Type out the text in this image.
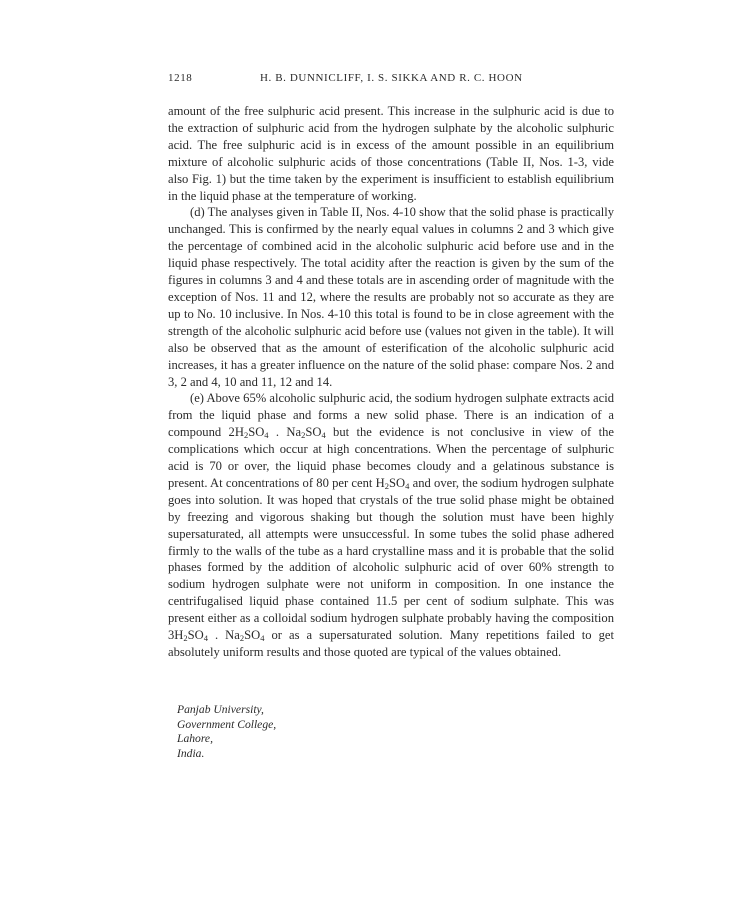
1218	H. B. DUNNICLIFF, I. S. SIKKA AND R. C. HOON

amount of the free sulphuric acid present. This increase in the sulphuric acid is due to the extraction of sulphuric acid from the hydrogen sulphate by the alcoholic sulphuric acid. The free sulphuric acid is in excess of the amount possible in an equilibrium mixture of alcoholic sulphuric acids of those concentrations (Table II, Nos. 1-3, vide also Fig. 1) but the time taken by the experiment is insufficient to establish equilibrium in the liquid phase at the temperature of working.

(d) The analyses given in Table II, Nos. 4-10 show that the solid phase is practically unchanged. This is confirmed by the nearly equal values in columns 2 and 3 which give the percentage of combined acid in the alcoholic sulphuric acid before use and in the liquid phase respectively. The total acidity after the reaction is given by the sum of the figures in columns 3 and 4 and these totals are in ascending order of magnitude with the exception of Nos. 11 and 12, where the results are probably not so accurate as they are up to No. 10 inclusive. In Nos. 4-10 this total is found to be in close agreement with the strength of the alcoholic sulphuric acid before use (values not given in the table). It will also be observed that as the amount of esterification of the alcoholic sulphuric acid increases, it has a greater influence on the nature of the solid phase: compare Nos. 2 and 3, 2 and 4, 10 and 11, 12 and 14.

(e) Above 65% alcoholic sulphuric acid, the sodium hydrogen sulphate extracts acid from the liquid phase and forms a new solid phase. There is an indication of a compound $2H_2SO_4$ . $Na_2SO_4$ but the evidence is not conclusive in view of the complications which occur at high concentrations. When the percentage of sulphuric acid is 70 or over, the liquid phase becomes cloudy and a gelatinous substance is present. At concentrations of 80 per cent $H_2SO_4$ and over, the sodium hydrogen sulphate goes into solution. It was hoped that crystals of the true solid phase might be obtained by freezing and vigorous shaking but though the solution must have been highly supersaturated, all attempts were unsuccessful. In some tubes the solid phase adhered firmly to the walls of the tube as a hard crystalline mass and it is probable that the solid phases formed by the addition of alcoholic sulphuric acid of over 60% strength to sodium hydrogen sulphate were not uniform in composition. In one instance the centrifugalised liquid phase contained 11.5 per cent of sodium sulphate. This was present either as a colloidal sodium hydrogen sulphate probably having the composition $3H_2SO_4$ . $Na_2SO_4$ or as a supersaturated solution. Many repetitions failed to get absolutely uniform results and those quoted are typical of the values obtained.

Panjab University,
Government College,
Lahore,
India.
